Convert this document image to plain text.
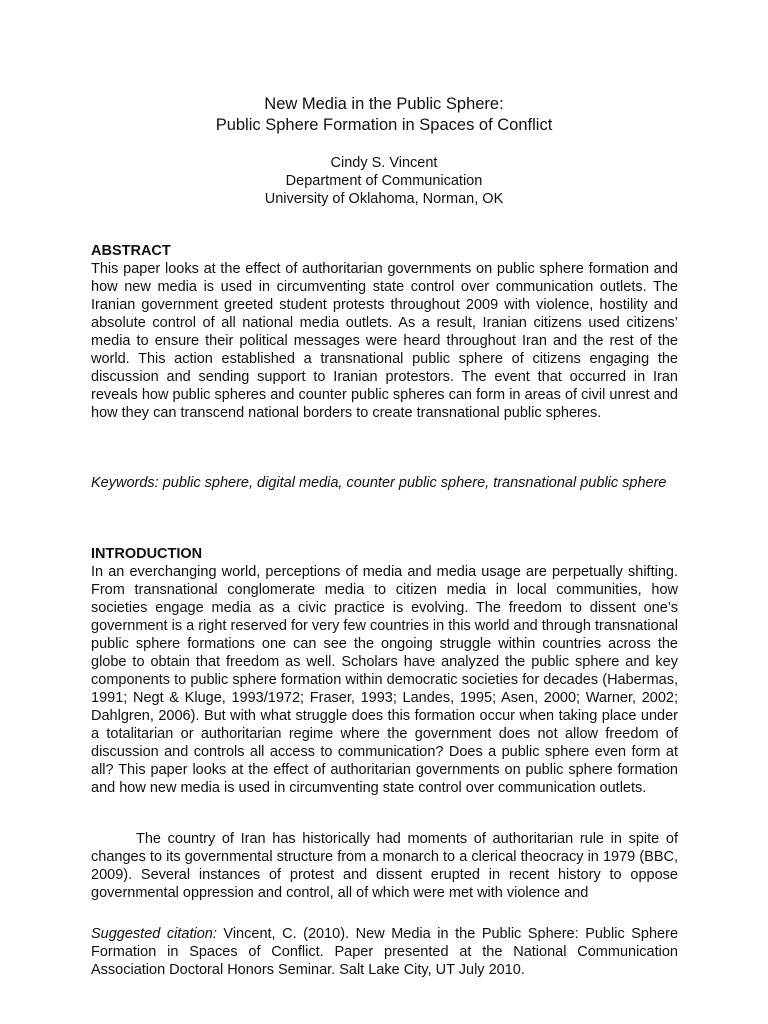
New Media in the Public Sphere:
Public Sphere Formation in Spaces of Conflict
Cindy S. Vincent
Department of Communication
University of Oklahoma, Norman, OK
ABSTRACT

This paper looks at the effect of authoritarian governments on public sphere formation and how new media is used in circumventing state control over communication outlets. The Iranian government greeted student protests throughout 2009 with violence, hostility and absolute control of all national media outlets. As a result, Iranian citizens used citizens’ media to ensure their political messages were heard throughout Iran and the rest of the world. This action established a transnational public sphere of citizens engaging the discussion and sending support to Iranian protestors. The event that occurred in Iran reveals how public spheres and counter public spheres can form in areas of civil unrest and how they can transcend national borders to create transnational public spheres.

Keywords: public sphere, digital media, counter public sphere, transnational public sphere

INTRODUCTION

In an everchanging world, perceptions of media and media usage are perpetually shifting. From transnational conglomerate media to citizen media in local communities, how societies engage media as a civic practice is evolving. The freedom to dissent one’s government is a right reserved for very few countries in this world and through transnational public sphere formations one can see the ongoing struggle within countries across the globe to obtain that freedom as well. Scholars have analyzed the public sphere and key components to public sphere formation within democratic societies for decades (Habermas, 1991; Negt & Kluge, 1993/1972; Fraser, 1993; Landes, 1995; Asen, 2000; Warner, 2002; Dahlgren, 2006). But with what struggle does this formation occur when taking place under a totalitarian or authoritarian regime where the government does not allow freedom of discussion and controls all access to communication? Does a public sphere even form at all? This paper looks at the effect of authoritarian governments on public sphere formation and how new media is used in circumventing state control over communication outlets.

The country of Iran has historically had moments of authoritarian rule in spite of changes to its governmental structure from a monarch to a clerical theocracy in 1979 (BBC, 2009). Several instances of protest and dissent erupted in recent history to oppose governmental oppression and control, all of which were met with violence and

Suggested citation: Vincent, C. (2010). New Media in the Public Sphere: Public Sphere Formation in Spaces of Conflict. Paper presented at the National Communication Association Doctoral Honors Seminar. Salt Lake City, UT July 2010.
